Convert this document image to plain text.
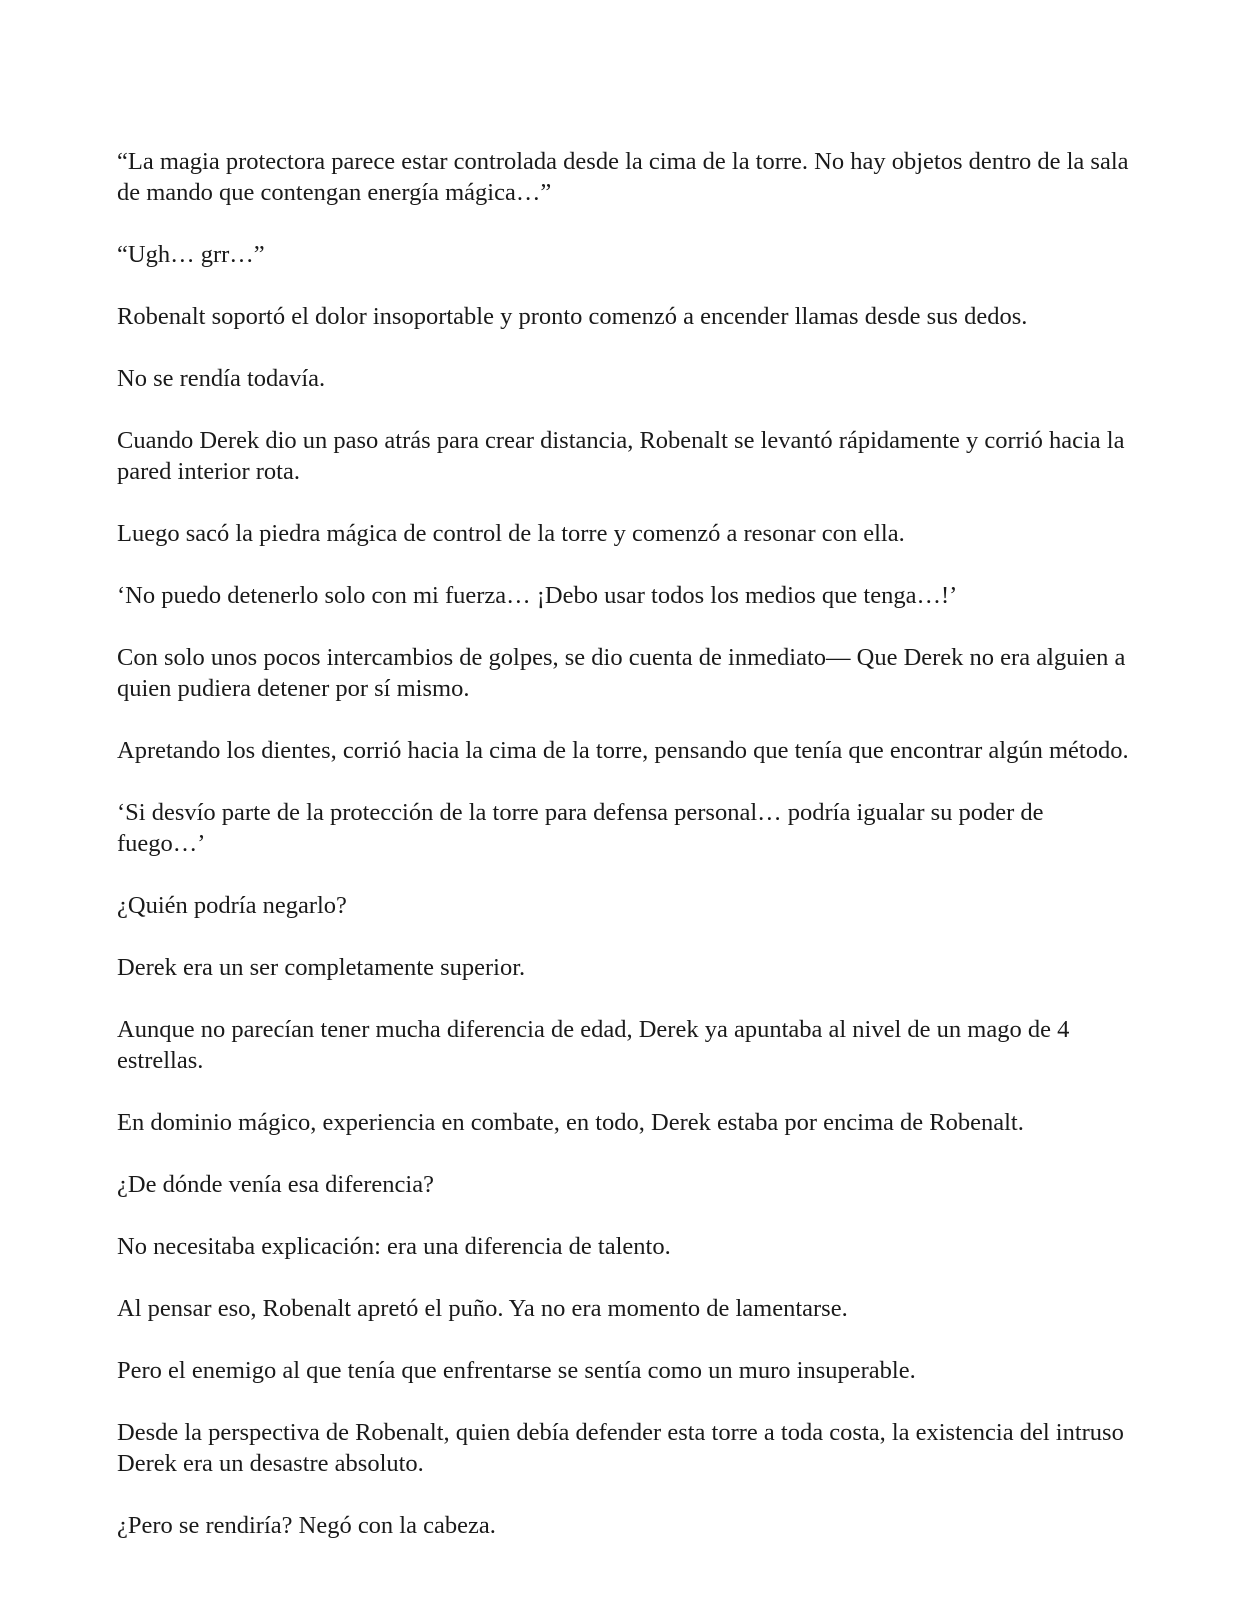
“La magia protectora parece estar controlada desde la cima de la torre. No hay objetos dentro de la sala de mando que contengan energía mágica…”

“Ugh… grr…”

Robenalt soportó el dolor insoportable y pronto comenzó a encender llamas desde sus dedos.

No se rendía todavía.

Cuando Derek dio un paso atrás para crear distancia, Robenalt se levantó rápidamente y corrió hacia la pared interior rota.

Luego sacó la piedra mágica de control de la torre y comenzó a resonar con ella.

‘No puedo detenerlo solo con mi fuerza… ¡Debo usar todos los medios que tenga…!’

Con solo unos pocos intercambios de golpes, se dio cuenta de inmediato— Que Derek no era alguien a quien pudiera detener por sí mismo.

Apretando los dientes, corrió hacia la cima de la torre, pensando que tenía que encontrar algún método.

‘Si desvío parte de la protección de la torre para defensa personal… podría igualar su poder de fuego…’

¿Quién podría negarlo?

Derek era un ser completamente superior.

Aunque no parecían tener mucha diferencia de edad, Derek ya apuntaba al nivel de un mago de 4 estrellas.

En dominio mágico, experiencia en combate, en todo, Derek estaba por encima de Robenalt.

¿De dónde venía esa diferencia?

No necesitaba explicación: era una diferencia de talento.

Al pensar eso, Robenalt apretó el puño. Ya no era momento de lamentarse.

Pero el enemigo al que tenía que enfrentarse se sentía como un muro insuperable.

Desde la perspectiva de Robenalt, quien debía defender esta torre a toda costa, la existencia del intruso Derek era un desastre absoluto.

¿Pero se rendiría? Negó con la cabeza.
